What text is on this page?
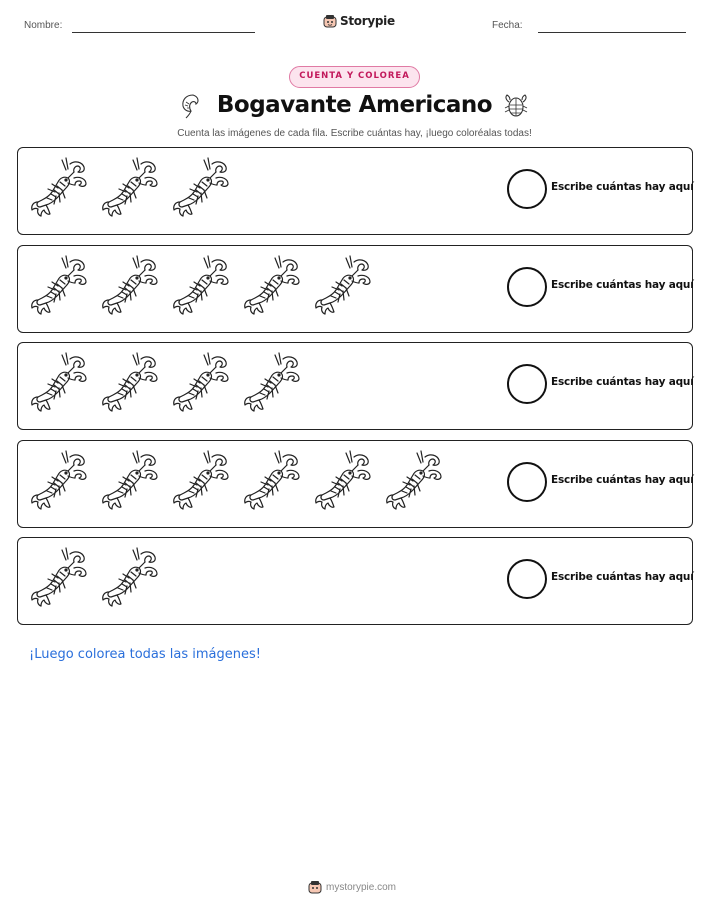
Nombre:	Storypie	Fecha:
CUENTA Y COLOREA
Bogavante Americano
Cuenta las imágenes de cada fila. Escribe cuántas hay, ¡luego coloréalas todas!
Escribe cuántas hay aquí
Escribe cuántas hay aquí
Escribe cuántas hay aquí
Escribe cuántas hay aquí
Escribe cuántas hay aquí
¡Luego colorea todas las imágenes!
mystorypie.com
